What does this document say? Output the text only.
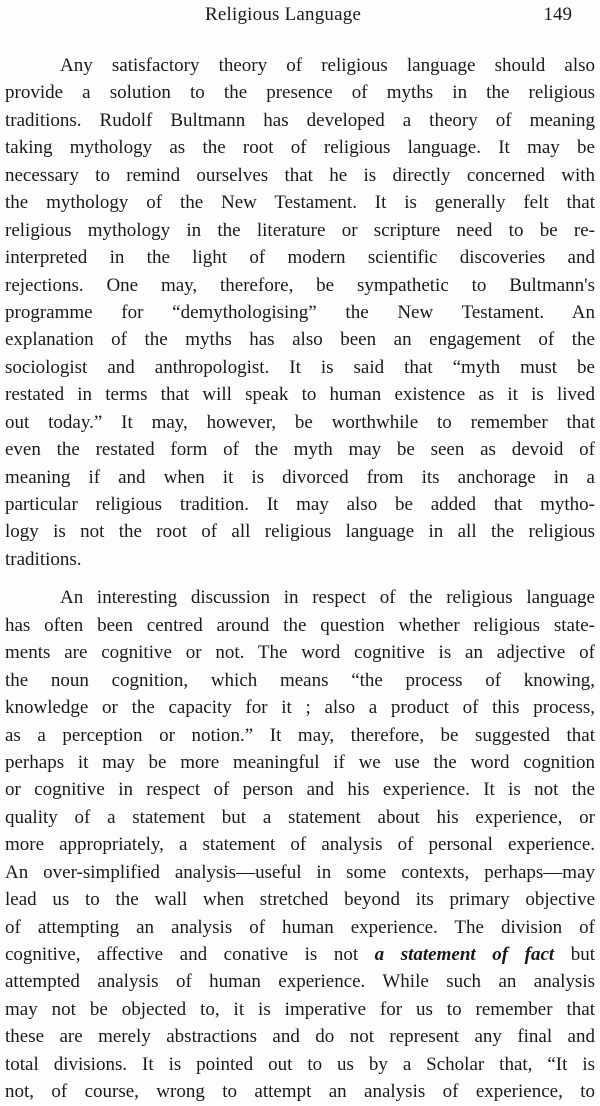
Religious Language	149
Any satisfactory theory of religious language should also
provide a solution to the presence of myths in the religious
traditions. Rudolf Bultmann has developed a theory of meaning
taking mythology as the root of religious language. It may be
necessary to remind ourselves that he is directly concerned with
the mythology of the New Testament. It is generally felt that
religious mythology in the literature or scripture need to be re-
interpreted in the light of modern scientific discoveries and
rejections. One may, therefore, be sympathetic to Bultmann's
programme for “demythologising” the New Testament. An
explanation of the myths has also been an engagement of the
sociologist and anthropologist. It is said that “myth must be
restated in terms that will speak to human existence as it is lived
out today.” It may, however, be worthwhile to remember that
even the restated form of the myth may be seen as devoid of
meaning if and when it is divorced from its anchorage in a
particular religious tradition. It may also be added that mytho-
logy is not the root of all religious language in all the religious
traditions.
An interesting discussion in respect of the religious language
has often been centred around the question whether religious state-
ments are cognitive or not. The word cognitive is an adjective of
the noun cognition, which means “the process of knowing,
knowledge or the capacity for it ; also a product of this process,
as a perception or notion.” It may, therefore, be suggested that
perhaps it may be more meaningful if we use the word cognition
or cognitive in respect of person and his experience. It is not the
quality of a statement but a statement about his experience, or
more appropriately, a statement of analysis of personal experience.
An over-simplified analysis—useful in some contexts, perhaps—may
lead us to the wall when stretched beyond its primary objective
of attempting an analysis of human experience. The division of
cognitive, affective and conative is not a statement of fact but
attempted analysis of human experience. While such an analysis
may not be objected to, it is imperative for us to remember that
these are merely abstractions and do not represent any final and
total divisions. It is pointed out to us by a Scholar that, “It is
not, of course, wrong to attempt an analysis of experience, to
